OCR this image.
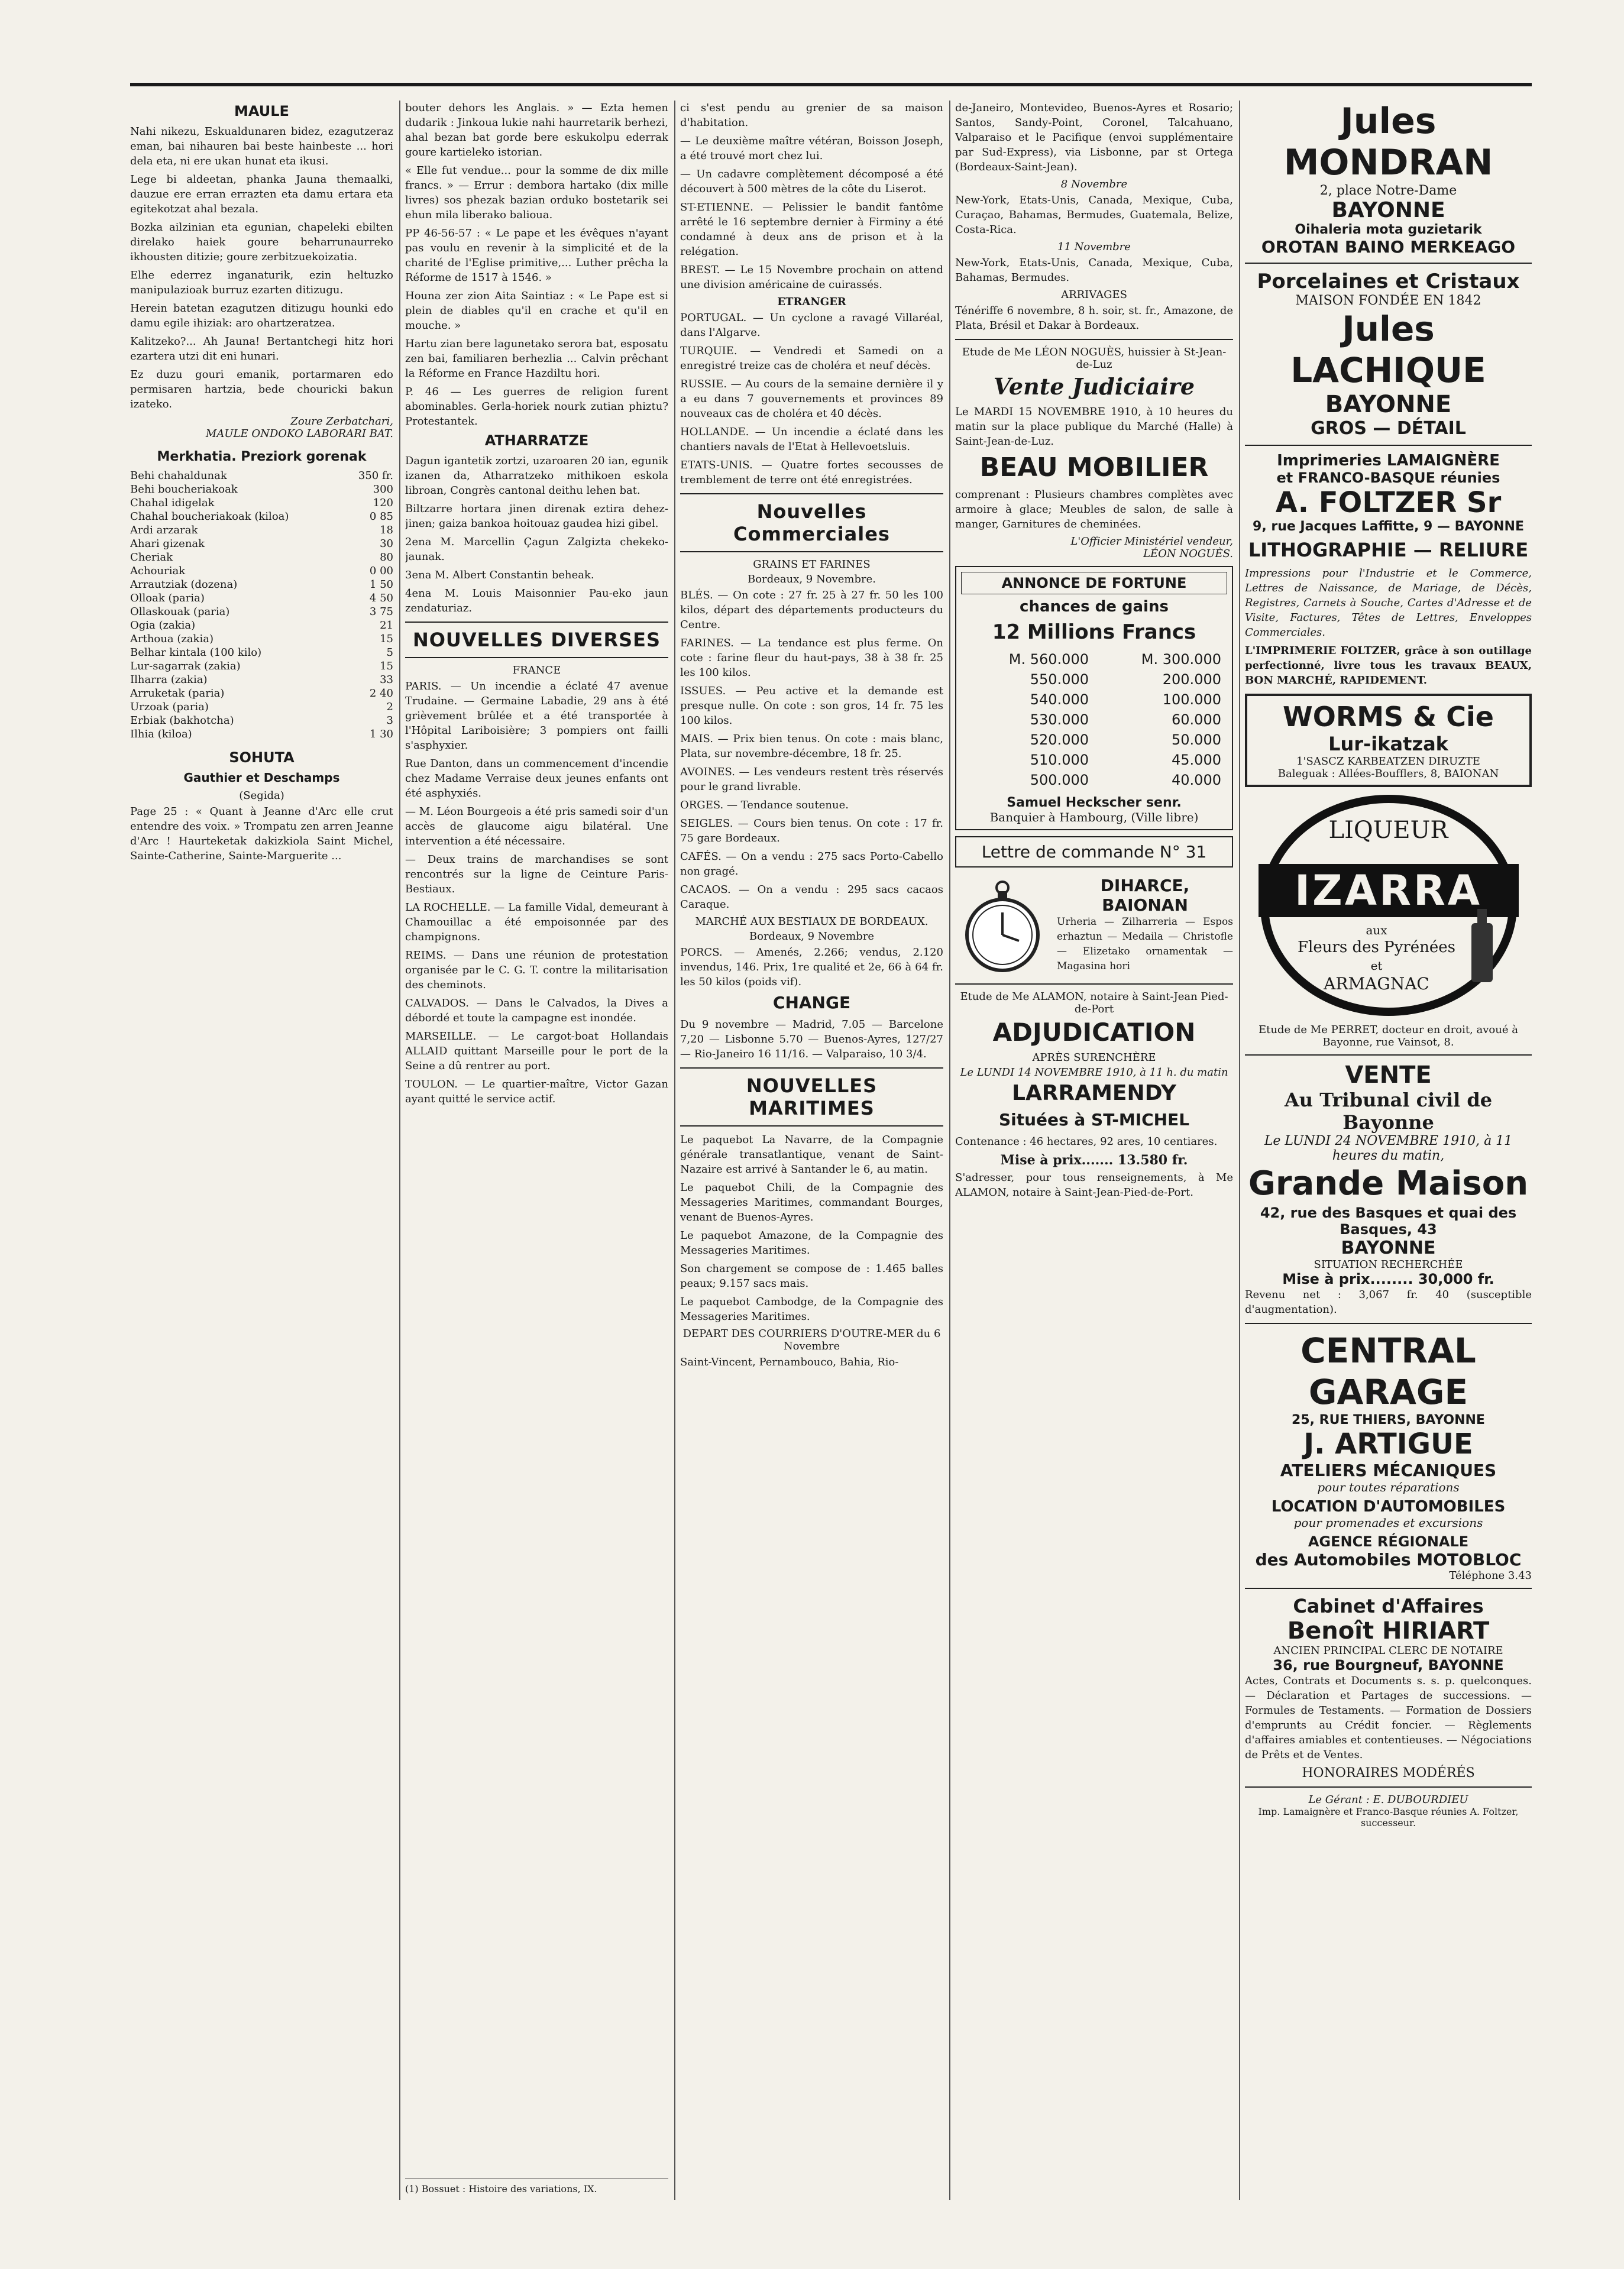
MAULE

Nahi nikezu, Eskualdunaren bidez, ezagutzeraz eman, bai nihauren bai beste hainbeste ... hori dela eta, ni ere ukan hunat eta ikusi.

Lege bi aldeetan, phanka Jauna themaalki, dauzue ere erran errazten eta damu ertara eta egitekotzat ahal bezala.

Bozka ailzinian eta egunian, chapeleki ebilten direlako haiek goure beharrunaurreko ikhousten ditizie; goure zerbitzuekoizatia.

Elhe ederrez inganaturik, ezin heltuzko manipulazioak burruz ezarten ditizugu.

Herein batetan ezagutzen ditizugu hounki edo damu egile ihiziak: aro ohartzeratzea.

Kalitzeko?... Ah Jauna! Bertantchegi hitz hori ezartera utzi dit eni hunari.

Ez duzu gouri emanik, portarmaren edo permisaren hartzia, bede chouricki bakun izateko.

Zoure Zerbatchari,
MAULE ONDOKO LABORARI BAT.
Merkhatia. Preziork gorenak
Behi chahaldunak	350 fr.
Behi boucheriakoak	300
Chahal idigelak	120
Chahal boucheriakoak (kiloa)	0 85
Ardi arzarak	18
Ahari gizenak	30
Cheriak	80
Achouriak	0 00
Arrautziak (dozena)	1 50
Olloak (paria)	4 50
Ollaskouak (paria)	3 75
Ogia (zakia)	21
Arthoua (zakia)	15
Belhar kintala (100 kilo)	5
Lur-sagarrak (zakia)	15
Ilharra (zakia)	33
Arruketak (paria)	2 40
Urzoak (paria)	2
Erbiak (bakhotcha)	3
Ilhia (kiloa)	1 30
SOHUTA
Gauthier et Deschamps
(Segida)

Page 25 : « Quant à Jeanne d'Arc elle crut entendre des voix. » Trompatu zen arren Jeanne d'Arc ! Haurteketak dakizkiola Saint Michel, Sainte-Catherine, Sainte-Marguerite ...

bouter dehors les Anglais. » — Ezta hemen dudarik : Jinkoua lukie nahi haurretarik berhezi, ahal bezan bat gorde bere eskukolpu ederrak goure kartieleko istorian.

« Elle fut vendue... pour la somme de dix mille francs. » — Errur : dembora hartako (dix mille livres) sos phezak bazian orduko bostetarik sei ehun mila liberako balioua.

PP 46-56-57 : « Le pape et les évêques n'ayant pas voulu en revenir à la simplicité et de la charité de l'Eglise primitive,... Luther prêcha la Réforme de 1517 à 1546. »

Houna zer zion Aita Saintiaz : « Le Pape est si plein de diables qu'il en crache et qu'il en mouche. »

Hartu zian bere lagunetako serora bat, esposatu zen bai, familiaren berhezlia ... Calvin prêchant la Réforme en France Hazdiltu hori.

P. 46 — Les guerres de religion furent abominables. Gerla-horiek nourk zutian phiztu? Protestantek.

ATHARRATZE

Dagun igantetik zortzi, uzaroaren 20 ian, egunik izanen da, Atharratzeko mithikoen eskola libroan, Congrès cantonal deithu lehen bat.

Biltzarre hortara jinen direnak eztira dehez-jinen; gaiza bankoa hoitouaz gaudea hizi gibel.

2ena M. Marcellin Çagun Zalgizta chekeko-jaunak.

3ena M. Albert Constantin beheak.

4ena M. Louis Maisonnier Pau-eko jaun zendaturiaz.

NOUVELLES DIVERSES
FRANCE

PARIS. — Un incendie a éclaté 47 avenue Trudaine. — Germaine Labadie, 29 ans à été grièvement brûlée et a été transportée à l'Hôpital Lariboisière; 3 pompiers ont failli s'asphyxier.

Rue Danton, dans un commencement d'incendie chez Madame Verraise deux jeunes enfants ont été asphyxiés.

— M. Léon Bourgeois a été pris samedi soir d'un accès de glaucome aigu bilatéral. Une intervention a été nécessaire.

— Deux trains de marchandises se sont rencontrés sur la ligne de Ceinture Paris-Bestiaux.

LA ROCHELLE. — La famille Vidal, demeurant à Chamouillac a été empoisonnée par des champignons.

REIMS. — Dans une réunion de protestation organisée par le C. G. T. contre la militarisation des cheminots.

CALVADOS. — Dans le Calvados, la Dives a débordé et toute la campagne est inondée.

MARSEILLE. — Le cargot-boat Hollandais ALLAID quittant Marseille pour le port de la Seine a dû rentrer au port.

TOULON. — Le quartier-maître, Victor Gazan ayant quitté le service actif.

(1) Bossuet : Histoire des variations, IX.

ci s'est pendu au grenier de sa maison d'habitation.

— Le deuxième maître vétéran, Boisson Joseph, a été trouvé mort chez lui.

— Un cadavre complètement décomposé a été découvert à 500 mètres de la côte du Liserot.

ST-ETIENNE. — Pelissier le bandit fantôme arrêté le 16 septembre dernier à Firminy a été condamné à deux ans de prison et à la relégation.

BREST. — Le 15 Novembre prochain on attend une division américaine de cuirassés.

ETRANGER

PORTUGAL. — Un cyclone a ravagé Villaréal, dans l'Algarve.

TURQUIE. — Vendredi et Samedi on a enregistré treize cas de choléra et neuf décès.

RUSSIE. — Au cours de la semaine dernière il y a eu dans 7 gouvernements et provinces 89 nouveaux cas de choléra et 40 décès.

HOLLANDE. — Un incendie a éclaté dans les chantiers navals de l'Etat à Hellevoetsluis.

ETATS-UNIS. — Quatre fortes secousses de tremblement de terre ont été enregistrées.

Nouvelles Commerciales
GRAINS ET FARINES
Bordeaux, 9 Novembre.

BLÉS. — On cote : 27 fr. 25 à 27 fr. 50 les 100 kilos, départ des départements producteurs du Centre.

FARINES. — La tendance est plus ferme. On cote : farine fleur du haut-pays, 38 à 38 fr. 25 les 100 kilos.

ISSUES. — Peu active et la demande est presque nulle. On cote : son gros, 14 fr. 75 les 100 kilos.

MAIS. — Prix bien tenus. On cote : mais blanc, Plata, sur novembre-décembre, 18 fr. 25.

AVOINES. — Les vendeurs restent très réservés pour le grand livrable.

ORGES. — Tendance soutenue.

SEIGLES. — Cours bien tenus. On cote : 17 fr. 75 gare Bordeaux.

CAFÉS. — On a vendu : 275 sacs Porto-Cabello non gragé.

CACAOS. — On a vendu : 295 sacs cacaos Caraque.

MARCHÉ AUX BESTIAUX DE BORDEAUX.
Bordeaux, 9 Novembre

PORCS. — Amenés, 2.266; vendus, 2.120 invendus, 146. Prix, 1re qualité et 2e, 66 à 64 fr. les 50 kilos (poids vif).

CHANGE

Du 9 novembre — Madrid, 7.05 — Barcelone 7,20 — Lisbonne 5.70 — Buenos-Ayres, 127/27 — Rio-Janeiro 16 11/16. — Valparaiso, 10 3/4.

NOUVELLES MARITIMES

Le paquebot La Navarre, de la Compagnie générale transatlantique, venant de Saint-Nazaire est arrivé à Santander le 6, au matin.

Le paquebot Chili, de la Compagnie des Messageries Maritimes, commandant Bourges, venant de Buenos-Ayres.

Le paquebot Amazone, de la Compagnie des Messageries Maritimes.

Son chargement se compose de : 1.465 balles peaux; 9.157 sacs mais.

Le paquebot Cambodge, de la Compagnie des Messageries Maritimes.

DEPART DES COURRIERS D'OUTRE-MER du 6 Novembre

Saint-Vincent, Pernambouco, Bahia, Rio-

de-Janeiro, Montevideo, Buenos-Ayres et Rosario; Santos, Sandy-Point, Coronel, Talcahuano, Valparaiso et le Pacifique (envoi supplémentaire par Sud-Express), via Lisbonne, par st Ortega (Bordeaux-Saint-Jean).

8 Novembre

New-York, Etats-Unis, Canada, Mexique, Cuba, Curaçao, Bahamas, Bermudes, Guatemala, Belize, Costa-Rica.

11 Novembre

New-York, Etats-Unis, Canada, Mexique, Cuba, Bahamas, Bermudes.

ARRIVAGES

Ténériffe 6 novembre, 8 h. soir, st. fr., Amazone, de Plata, Brésil et Dakar à Bordeaux.

Etude de Me LÉON NOGUÈS, huissier à St-Jean-de-Luz
Vente Judiciaire

Le MARDI 15 NOVEMBRE 1910, à 10 heures du matin sur la place publique du Marché (Halle) à Saint-Jean-de-Luz.

BEAU MOBILIER

comprenant : Plusieurs chambres complètes avec armoire à glace; Meubles de salon, de salle à manger, Garnitures de cheminées.

L'Officier Ministériel vendeur,
LÉON NOGUÈS.
ANNONCE DE FORTUNE
chances de gains
12 Millions Francs
M. 560.000	M. 300.000
550.000	200.000
540.000	100.000
530.000	60.000
520.000	50.000
510.000	45.000
500.000	40.000
Samuel Heckscher senr.
Banquier à Hambourg, (Ville libre)
Lettre de commande N° 31
DIHARCE, BAIONAN

Urheria — Zilharreria — Espos erhaztun — Medaila — Christofle — Elizetako ornamentak — Magasina hori

Etude de Me ALAMON, notaire à Saint-Jean Pied-de-Port
ADJUDICATION
APRÈS SURENCHÈRE
Le LUNDI 14 NOVEMBRE 1910, à 11 h. du matin
LARRAMENDY
Situées à ST-MICHEL

Contenance : 46 hectares, 92 ares, 10 centiares.

Mise à prix....... 13.580 fr.

S'adresser, pour tous renseignements, à Me ALAMON, notaire à Saint-Jean-Pied-de-Port.

Jules MONDRAN
2, place Notre-Dame
BAYONNE
Oihaleria mota guzietarik
OROTAN BAINO MERKEAGO
Porcelaines et Cristaux
MAISON FONDÉE EN 1842
Jules LACHIQUE
BAYONNE
GROS — DÉTAIL
Imprimeries LAMAIGNÈRE
et FRANCO-BASQUE réunies
A. FOLTZER Sr
9, rue Jacques Laffitte, 9 — BAYONNE
LITHOGRAPHIE — RELIURE

Impressions pour l'Industrie et le Commerce, Lettres de Naissance, de Mariage, de Décès, Registres, Carnets à Souche, Cartes d'Adresse et de Visite, Factures, Têtes de Lettres, Enveloppes Commerciales.

L'IMPRIMERIE FOLTZER, grâce à son outillage perfectionné, livre tous les travaux BEAUX, BON MARCHÉ, RAPIDEMENT.

WORMS & Cie
Lur-ikatzak
1'SASCZ KARBEATZEN DIRUZTE
Baleguak : Allées-Boufflers, 8, BAIONAN
LIQUEUR
IZARRA
aux
Fleurs des Pyrénées
et
ARMAGNAC
Etude de Me PERRET, docteur en droit, avoué à Bayonne, rue Vainsot, 8.
VENTE
Au Tribunal civil de Bayonne
Le LUNDI 24 NOVEMBRE 1910, à 11 heures du matin,
Grande Maison
42, rue des Basques et quai des Basques, 43
BAYONNE
SITUATION RECHERCHÉE
Mise à prix........ 30,000 fr.

Revenu net : 3,067 fr. 40 (susceptible d'augmentation).

CENTRAL GARAGE
25, RUE THIERS, BAYONNE
J. ARTIGUE
ATELIERS MÉCANIQUES
pour toutes réparations
LOCATION D'AUTOMOBILES
pour promenades et excursions
AGENCE RÉGIONALE
des Automobiles MOTOBLOC
Téléphone 3.43
Cabinet d'Affaires
Benoît HIRIART
ANCIEN PRINCIPAL CLERC DE NOTAIRE
36, rue Bourgneuf, BAYONNE

Actes, Contrats et Documents s. s. p. quelconques. — Déclaration et Partages de successions. — Formules de Testaments. — Formation de Dossiers d'emprunts au Crédit foncier. — Règlements d'affaires amiables et contentieuses. — Négociations de Prêts et de Ventes.

HONORAIRES MODÉRÉS
Le Gérant : E. DUBOURDIEU
Imp. Lamaignère et Franco-Basque réunies A. Foltzer, successeur.
